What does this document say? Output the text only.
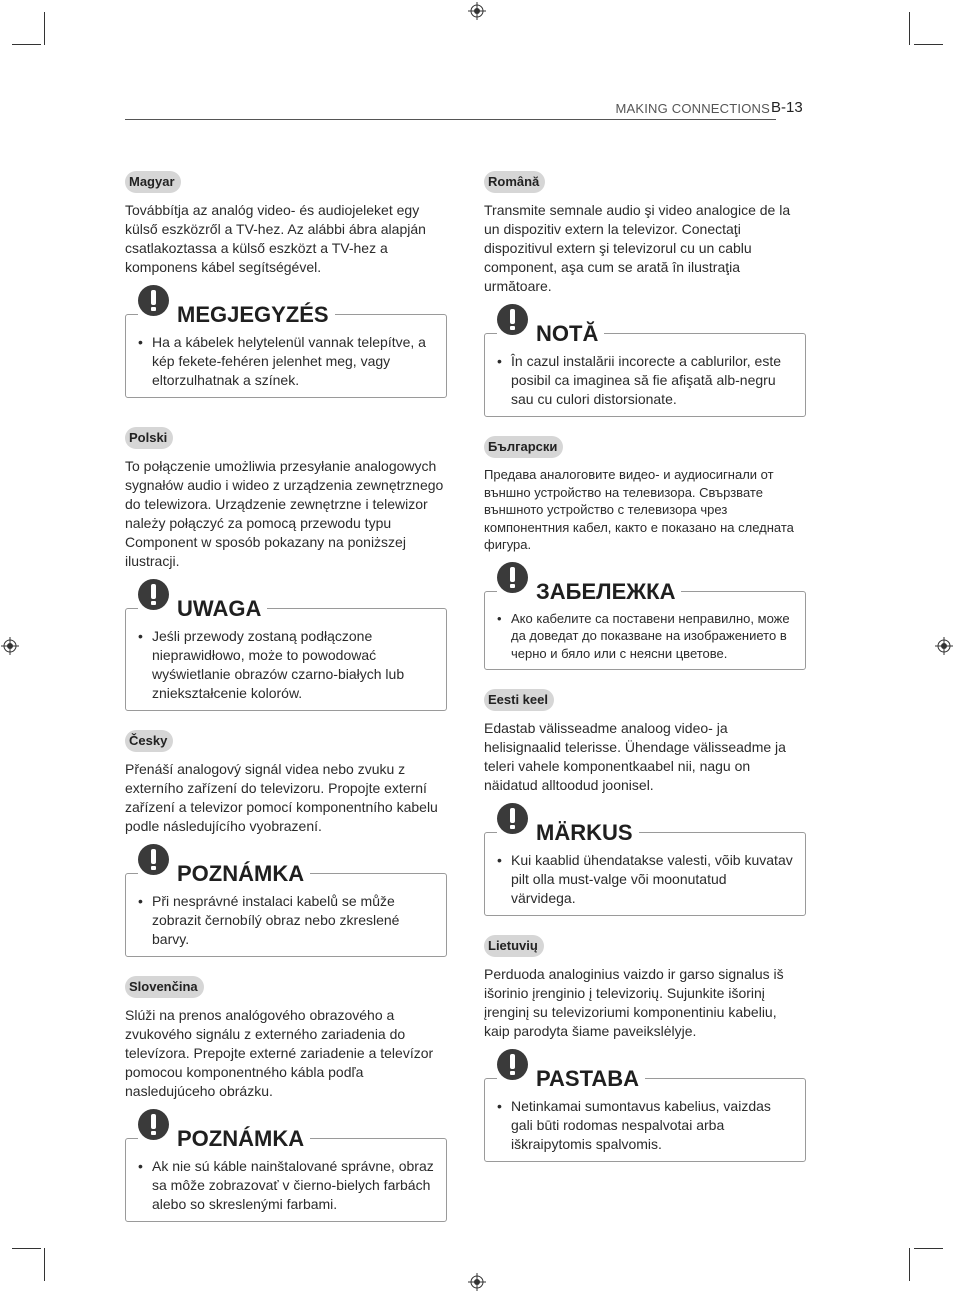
MAKING CONNECTIONS B-13
Magyar

Továbbítja az analóg video- és audiojeleket egy külső eszközről a TV-hez. Az alábbi ábra alapján csatlakoztassa a külső eszközt a TV-hez a komponens kábel segítségével.

MEGJEGYZÉS
• Ha a kábelek helytelenül vannak telepítve, a kép fekete-fehéren jelenhet meg, vagy eltorzulhatnak a színek.
Polski

To połączenie umożliwia przesyłanie analogowych sygnałów audio i wideo z urządzenia zewnętrznego do telewizora. Urządzenie zewnętrzne i telewizor należy połączyć za pomocą przewodu typu Component w sposób pokazany na poniższej ilustracji.

UWAGA
• Jeśli przewody zostaną podłączone nieprawidłowo, może to powodować wyświetlanie obrazów czarno-białych lub zniekształcenie kolorów.
Česky

Přenáší analogový signál videa nebo zvuku z externího zařízení do televizoru. Propojte externí zařízení a televizor pomocí komponentního kabelu podle následujícího vyobrazení.

POZNÁMKA
• Při nesprávné instalaci kabelů se může zobrazit černobílý obraz nebo zkreslené barvy.
Slovenčina

Slúži na prenos analógového obrazového a zvukového signálu z externého zariadenia do televízora. Prepojte externé zariadenie a televízor pomocou komponentného kábla podľa nasledujúceho obrázku.

POZNÁMKA
• Ak nie sú káble nainštalované správne, obraz sa môže zobrazovať v čierno-bielych farbách alebo so skreslenými farbami.
Română

Transmite semnale audio şi video analogice de la un dispozitiv extern la televizor. Conectaţi dispozitivul extern şi televizorul cu un cablu component, aşa cum se arată în ilustraţia următoare.

NOTĂ
• În cazul instalării incorecte a cablurilor, este posibil ca imaginea să fie afişată alb-negru sau cu culori distorsionate.
Български

Предава аналоговите видео- и аудиосигнали от външно устройство на телевизора. Свързвате външното устройство с телевизора чрез компонентния кабел, както е показано на следната фигура.

ЗАБЕЛЕЖКА
• Ако кабелите са поставени неправилно, може да доведат до показване на изображението в черно и бяло или с неясни цветове.
Eesti keel

Edastab välisseadme analoog video- ja helisignaalid telerisse. Ühendage välisseadme ja teleri vahele komponentkaabel nii, nagu on näidatud alltoodud joonisel.

MÄRKUS
• Kui kaablid ühendatakse valesti, võib kuvatav pilt olla must-valge või moonutatud värvidega.
Lietuvių

Perduoda analoginius vaizdo ir garso signalus iš išorinio įrenginio į televizorių. Sujunkite išorinį įrenginį su televizoriumi komponentiniu kabeliu, kaip parodyta šiame paveikslėlyje.

PASTABA
• Netinkamai sumontavus kabelius, vaizdas gali būti rodomas nespalvotai arba iškraipytomis spalvomis.
